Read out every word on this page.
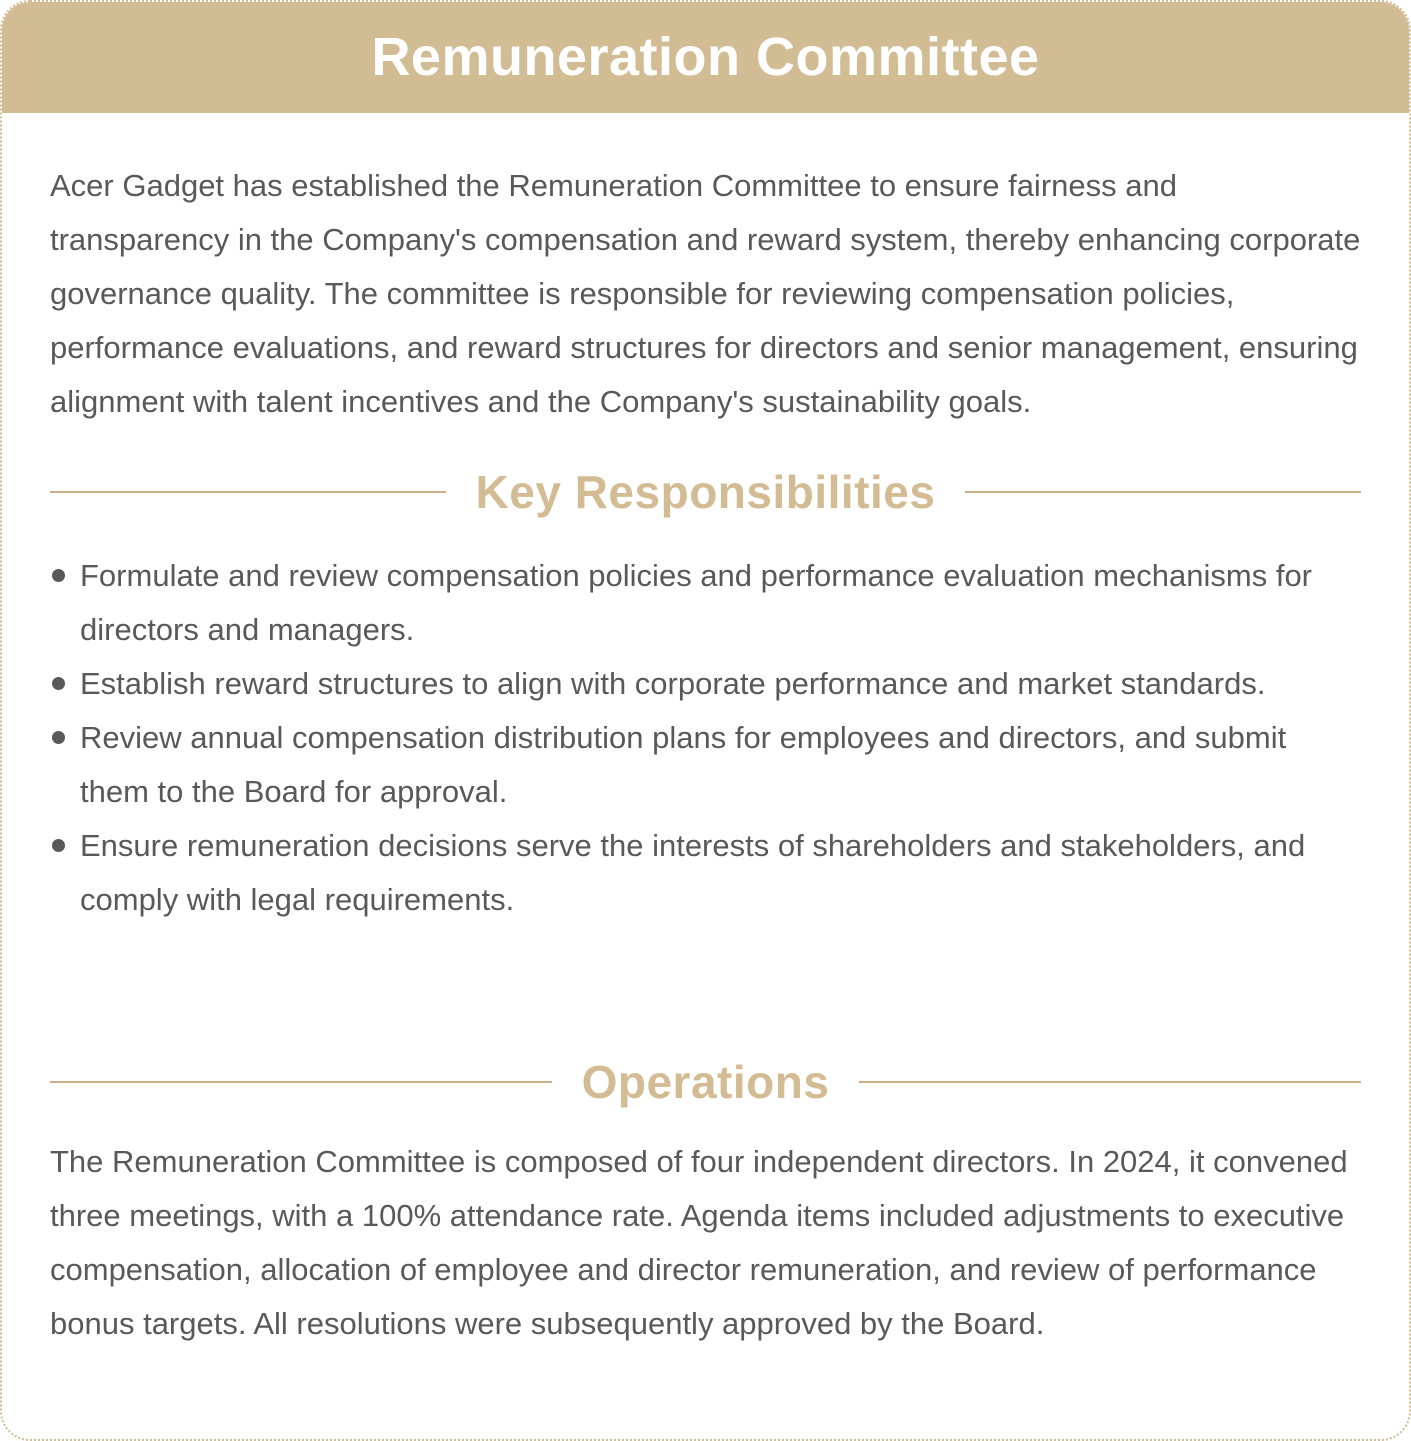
Remuneration Committee

Acer Gadget has established the Remuneration Committee to ensure fairness and transparency in the Company's compensation and reward system, thereby enhancing corporate governance quality. The committee is responsible for reviewing compensation policies, performance evaluations, and reward structures for directors and senior management, ensuring alignment with talent incentives and the Company's sustainability goals.

Key Responsibilities
Formulate and review compensation policies and performance evaluation mechanisms for directors and managers.
Establish reward structures to align with corporate performance and market standards.
Review annual compensation distribution plans for employees and directors, and submit them to the Board for approval.
Ensure remuneration decisions serve the interests of shareholders and stakeholders, and comply with legal requirements.
Operations

The Remuneration Committee is composed of four independent directors. In 2024, it convened three meetings, with a 100% attendance rate. Agenda items included adjustments to executive compensation, allocation of employee and director remuneration, and review of performance bonus targets. All resolutions were subsequently approved by the Board.
